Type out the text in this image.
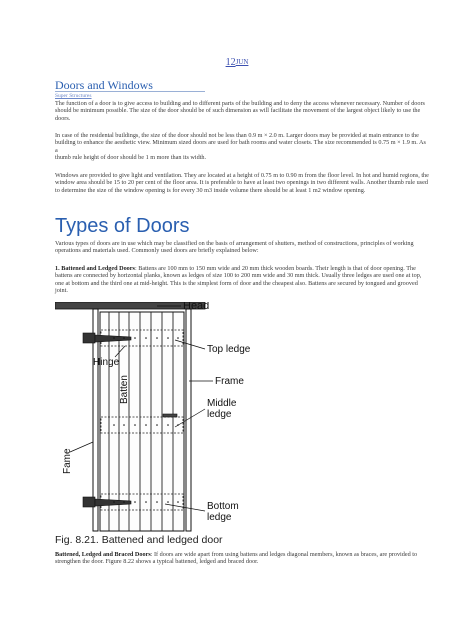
12JUN
Doors and Windows
Super Structures
The function of a door is to give access to building and to different parts of the building and to deny the access whenever necessary. Number of doors should be minimum possible. The size of the door should be of such dimension as will facilitate the movement of the largest object likely to use the doors.
In case of the residental buildings, the size of the door should not be less than 0.9 m × 2.0 m. Larger doors may be provided at main entrance to the building to enhance the aesthetic view. Minimum sized doors are used for bath rooms and water closets. The size recommended is 0.75 m × 1.9 m. As a
thumb rule height of door should be 1 m more than its width.
Windows are provided to give light and ventilation. They are located at a height of 0.75 m to 0.90 m from the floor level. In hot and humid regions, the window area should be 15 to 20 per cent of the floor area. It is preferable to have at least two openings in two different walls. Another thumb rule used to determine the size of the window opening is for every 30 m3 inside volume there should be at least 1 m2 window opening.
Types of Doors
Various types of doors are in use which may be classified on the basis of arrangement of shutters, method of constructions, principles of working operations and materials used. Commonly used doors are briefly explained below:
1. Battened and Ledged Doors: Battens are 100 mm to 150 mm wide and 20 mm thick wooden boards. Their length is that of door opening. The battens are connected by horizontal planks, known as ledges of size 100 to 200 mm wide and 30 mm thick. Usually three ledges are used one at top, one at bottom and the third one at mid-height. This is the simplest form of door and the cheapest also. Battens are secured by tongued and grooved joint.
Head
Top ledge
Hinge
Frame
Batten	Middle
ledge
Fame
Bottom
ledge
Fig. 8.21. Battened and ledged door
Battened, Ledged and Braced Doors: If doors are wide apart from using battens and ledges diagonal members, known as braces, are provided to strengthen the door. Figure 8.22 shows a typical battened, ledged and braced door.
